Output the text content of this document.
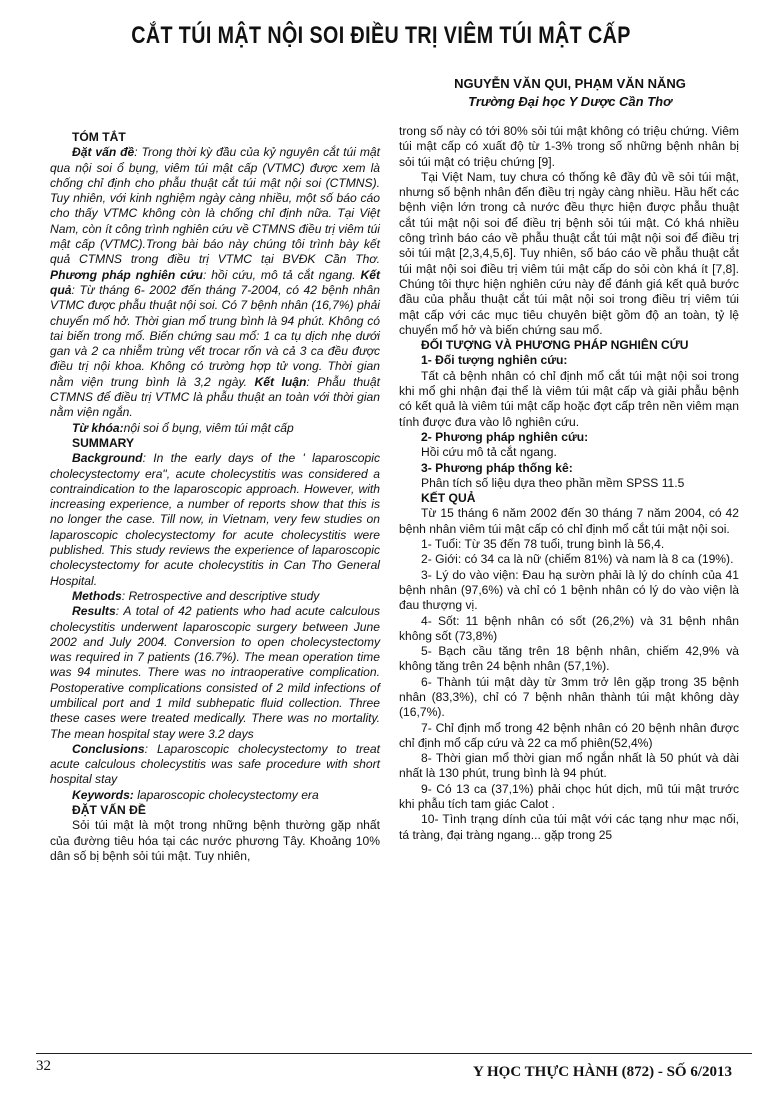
CẮT TÚI MẬT NỘI SOI ĐIỀU TRỊ VIÊM TÚI MẬT CẤP
NGUYỄN VĂN QUI, PHẠM VĂN NĂNG
Trường Đại học Y Dược Cần Thơ

TÓM TẮT

Đặt vấn đề: Trong thời kỳ đầu của kỷ nguyên cắt túi mật qua nội soi ổ bụng, viêm túi mật cấp (VTMC) được xem là chống chỉ định cho phẫu thuật cắt túi mật nội soi (CTMNS). Tuy nhiên, với kinh nghiệm ngày càng nhiều, một số báo cáo cho thấy VTMC không còn là chống chỉ định nữa. Tại Việt Nam, còn ít công trình nghiên cứu về CTMNS điều trị viêm túi mật cấp (VTMC).Trong bài báo này chúng tôi trình bày kết quả CTMNS trong điều trị VTMC tại BVĐK Cần Thơ. Phương pháp nghiên cứu: hồi cứu, mô tả cắt ngang. Kết quả: Từ tháng 6- 2002 đến tháng 7-2004, có 42 bệnh nhân VTMC được phẫu thuật nội soi. Có 7 bệnh nhân (16,7%) phải chuyển mổ hở. Thời gian mổ trung bình là 94 phút. Không có tai biến trong mổ. Biến chứng sau mổ: 1 ca tụ dịch nhẹ dưới gan và 2 ca nhiễm trùng vết trocar rốn và cả 3 ca đều được điều trị nội khoa. Không có trường hợp tử vong. Thời gian nằm viện trung bình là 3,2 ngày. Kết luận: Phẫu thuật CTMNS để điều trị VTMC là phẫu thuật an toàn với thời gian nằm viện ngắn.

Từ khóa:nội soi ổ bụng, viêm túi mật cấp

SUMMARY

Background: In the early days of the ' laparoscopic cholecystectomy era", acute cholecystitis was considered a contraindication to the laparoscopic approach. However, with increasing experience, a number of reports show that this is no longer the case. Till now, in Vietnam, very few studies on laparoscopic cholecystectomy for acute cholecystitis were published. This study reviews the experience of laparoscopic cholecystectomy for acute cholecystitis in Can Tho General Hospital.

Methods: Retrospective and descriptive study

Results: A total of 42 patients who had acute calculous cholecystitis underwent laparoscopic surgery between June 2002 and July 2004. Conversion to open cholecystectomy was required in 7 patients (16.7%). The mean operation time was 94 minutes. There was no intraoperative complication. Postoperative complications consisted of 2 mild infections of umbilical port and 1 mild subhepatic fluid collection. Three these cases were treated medically. There was no mortality. The mean hospital stay were 3.2 days

Conclusions: Laparoscopic cholecystectomy to treat acute calculous cholecystitis was safe procedure with short hospital stay

Keywords: laparoscopic cholecystectomy era

ĐẶT VẤN ĐỀ

Sỏi túi mật là một trong những bệnh thường gặp nhất của đường tiêu hóa tại các nước phương Tây. Khoảng 10% dân số bị bệnh sỏi túi mật. Tuy nhiên,

trong số này có tới 80% sỏi túi mật không có triệu chứng. Viêm túi mật cấp có xuất độ từ 1-3% trong số những bệnh nhân bị sỏi túi mật có triệu chứng [9].

Tại Việt Nam, tuy chưa có thống kê đầy đủ về sỏi túi mật, nhưng số bệnh nhân đến điều trị ngày càng nhiều. Hầu hết các bệnh viện lớn trong cả nước đều thực hiện được phẫu thuật cắt túi mật nội soi để điều trị bệnh sỏi túi mật. Có khá nhiều công trình báo cáo về phẫu thuật cắt túi mật nội soi để điều trị sỏi túi mật [2,3,4,5,6]. Tuy nhiên, số báo cáo về phẫu thuật cắt túi mật nội soi điều trị viêm túi mật cấp do sỏi còn khá ít [7,8]. Chúng tôi thực hiện nghiên cứu này để đánh giá kết quả bước đầu của phẫu thuật cắt túi mật nội soi trong điều trị viêm túi mật cấp với các mục tiêu chuyên biệt gồm độ an toàn, tỷ lệ chuyển mổ hở và biến chứng sau mổ.

ĐỐI TƯỢNG VÀ PHƯƠNG PHÁP NGHIÊN CỨU

1- Đối tượng nghiên cứu:

Tất cả bệnh nhân có chỉ định mổ cắt túi mật nội soi trong khi mổ ghi nhận đại thể là viêm túi mật cấp và giải phẫu bệnh có kết quả là viêm túi mật cấp hoặc đợt cấp trên nền viêm mạn tính được đưa vào lô nghiên cứu.

2- Phương pháp nghiên cứu:

Hồi cứu mô tả cắt ngang.

3- Phương pháp thống kê:

Phân tích số liệu dựa theo phần mềm SPSS 11.5

KẾT QUẢ

Từ 15 tháng 6 năm 2002 đến 30 tháng 7 năm 2004, có 42 bệnh nhân viêm túi mật cấp có chỉ định mổ cắt túi mật nội soi.

1- Tuổi: Từ 35 đến 78 tuổi, trung bình là 56,4.

2- Giới: có 34 ca là nữ (chiếm 81%) và nam là 8 ca (19%).

3- Lý do vào viện: Đau hạ sườn phải là lý do chính của 41 bệnh nhân (97,6%) và chỉ có 1 bệnh nhân có lý do vào viện là đau thượng vị.

4- Sốt: 11 bệnh nhân có sốt (26,2%) và 31 bệnh nhân không sốt (73,8%)

5- Bạch cầu tăng trên 18 bệnh nhân, chiếm 42,9% và không tăng trên 24 bệnh nhân (57,1%).

6- Thành túi mật dày từ 3mm trở lên gặp trong 35 bệnh nhân (83,3%), chỉ có 7 bệnh nhân thành túi mật không dày (16,7%).

7- Chỉ định mổ trong 42 bệnh nhân có 20 bệnh nhân được chỉ định mổ cấp cứu và 22 ca mổ phiên(52,4%)

8- Thời gian mổ thời gian mổ ngắn nhất là 50 phút và dài nhất là 130 phút, trung bình là 94 phút.

9- Có 13 ca (37,1%) phải chọc hút dịch, mũ túi mật trước khi phẫu tích tam giác Calot .

10- Tình trạng dính của túi mật với các tạng như mạc nối, tá tràng, đại tràng ngang... gặp trong 25

32	Y HỌC THỰC HÀNH (872) - SỐ 6/2013
